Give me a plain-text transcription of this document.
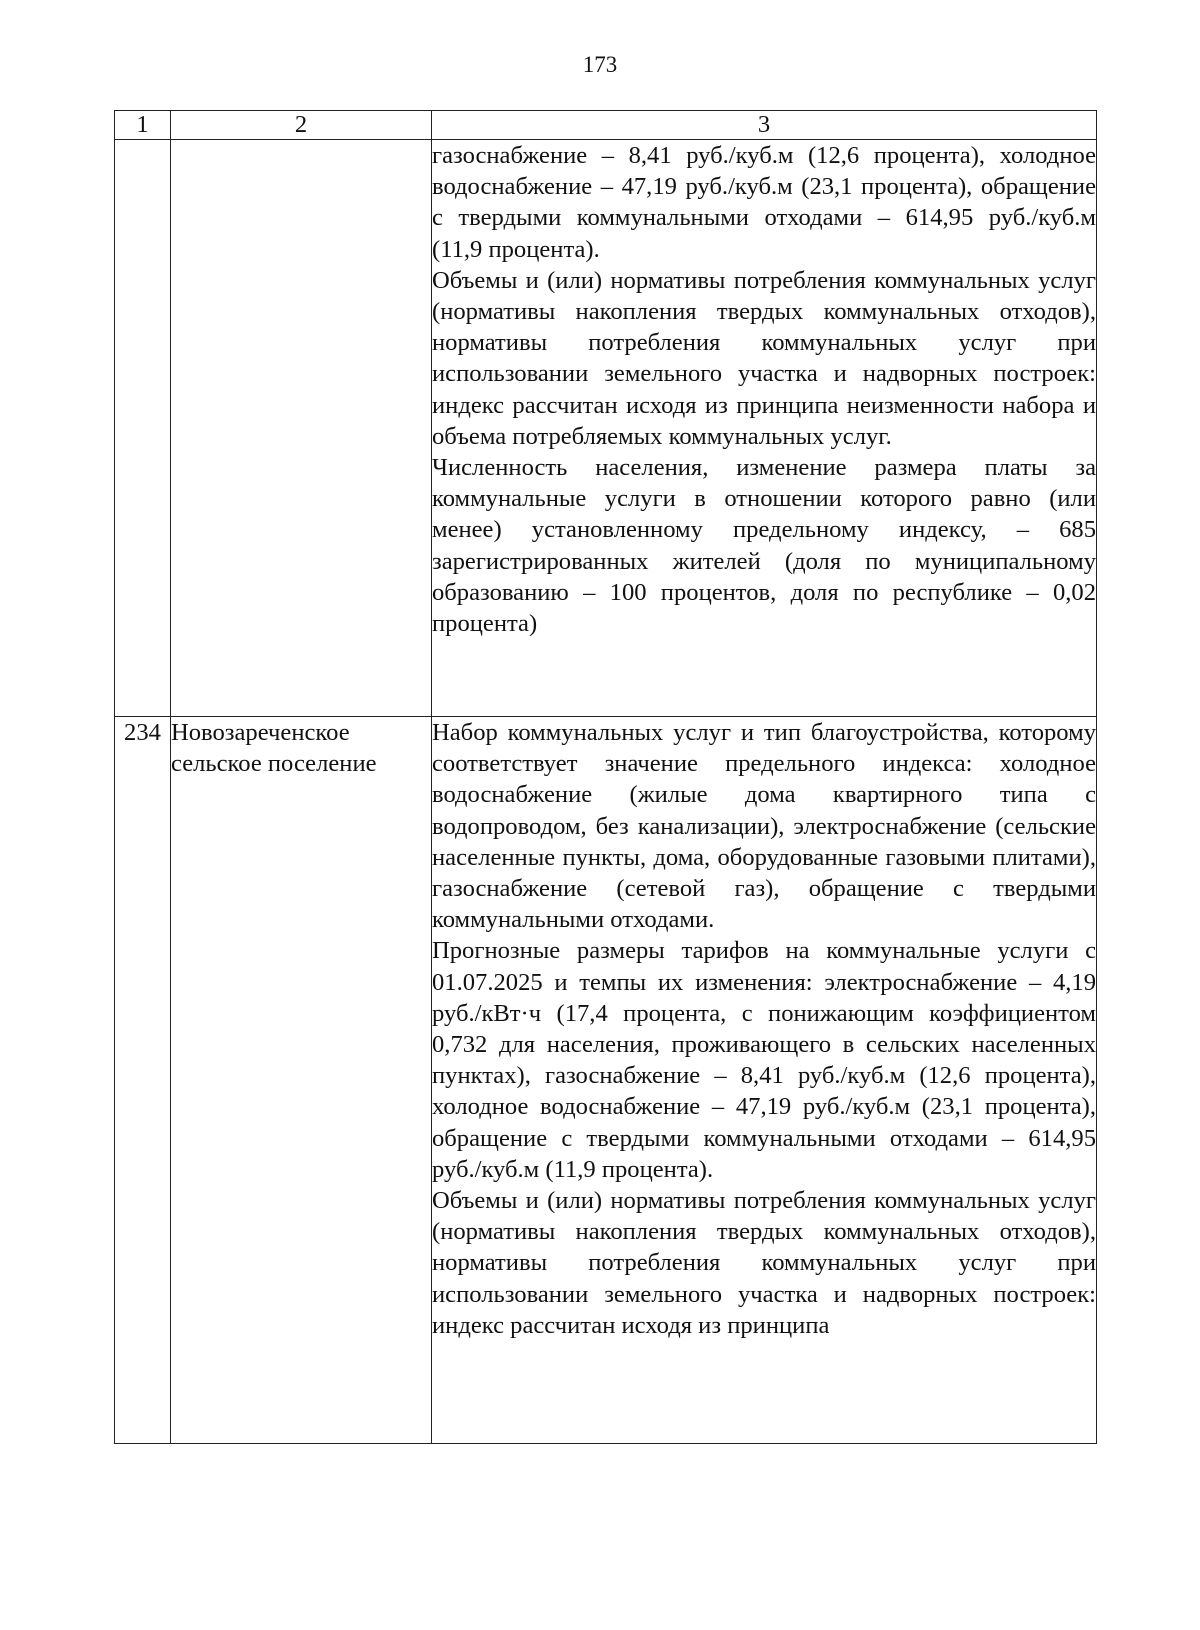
173
1	2	3

		газоснабжение – 8,41 руб./куб.м (12,6 процента), холодное водоснабжение – 47,19 руб./куб.м (23,1 процента), обращение с твердыми коммунальными отходами – 614,95 руб./куб.м (11,9 процента).

Объемы и (или) нормативы потребления коммунальных услуг (нормативы накопления твердых коммунальных отходов), нормативы потребления коммунальных услуг при использовании земельного участка и надворных построек: индекс рассчитан исходя из принципа неизменности набора и объема потребляемых коммунальных услуг.

Численность населения, изменение размера платы за коммунальные услуги в отношении которого равно (или менее) установленному предельному индексу, – 685 зарегистрированных жителей (доля по муниципальному образованию – 100 процентов, доля по республике – 0,02 процента)

234	Новозареченское сельское поселение	Набор коммунальных услуг и тип благоустройства, которому соответствует значение предельного индекса: холодное водоснабжение (жилые дома квартирного типа с водопроводом, без канализации), электроснабжение (сельские населенные пункты, дома, оборудованные газовыми плитами), газоснабжение (сетевой газ), обращение с твердыми коммунальными отходами.

Прогнозные размеры тарифов на коммунальные услуги с 01.07.2025 и темпы их изменения: электроснабжение – 4,19 руб./кВт·ч (17,4 процента, с понижающим коэффициентом 0,732 для населения, проживающего в сельских населенных пунктах), газоснабжение – 8,41 руб./куб.м (12,6 процента), холодное водоснабжение – 47,19 руб./куб.м (23,1 процента), обращение с твердыми коммунальными отходами – 614,95 руб./куб.м (11,9 процента).

Объемы и (или) нормативы потребления коммунальных услуг (нормативы накопления твердых коммунальных отходов), нормативы потребления коммунальных услуг при использовании земельного участка и надворных построек: индекс рассчитан исходя из принципа
